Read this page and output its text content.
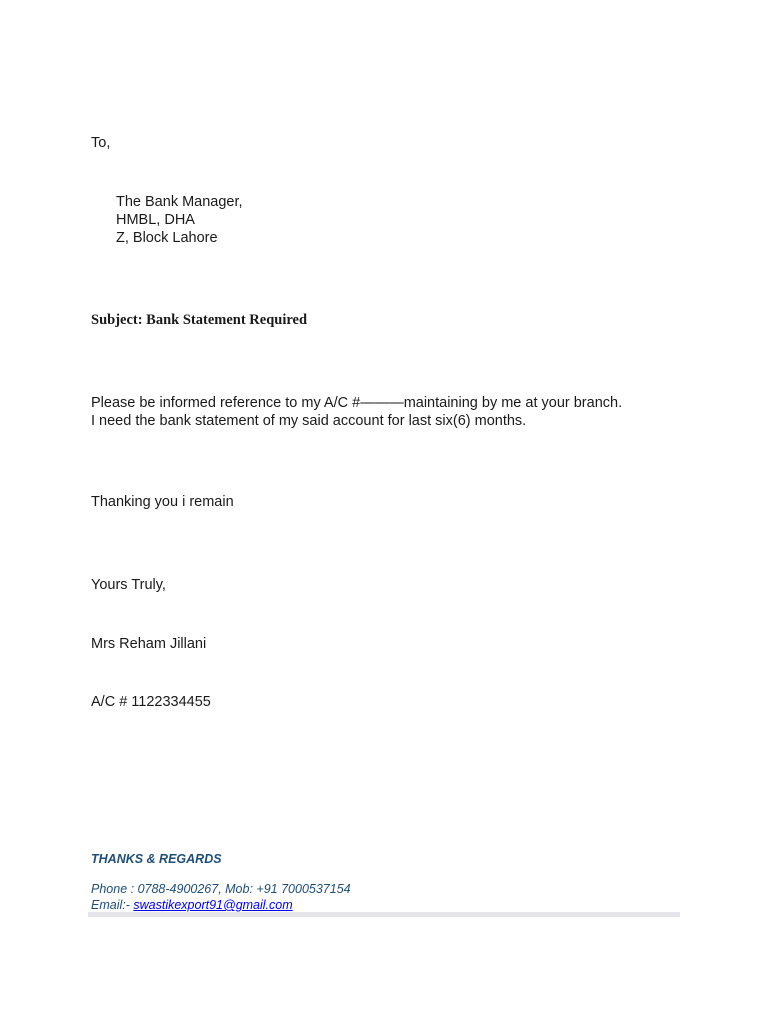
To,
The Bank Manager,
HMBL, DHA
Z, Block Lahore
Subject: Bank Statement Required
Please be informed reference to my A/C #———maintaining by me at your branch.
I need the bank statement of my said account for last six(6) months.
Thanking you i remain
Yours Truly,
Mrs Reham Jillani
A/C # 1122334455
THANKS & REGARDS
Phone : 0788-4900267, Mob: +91 7000537154
Email:- swastikexport91@gmail.com
